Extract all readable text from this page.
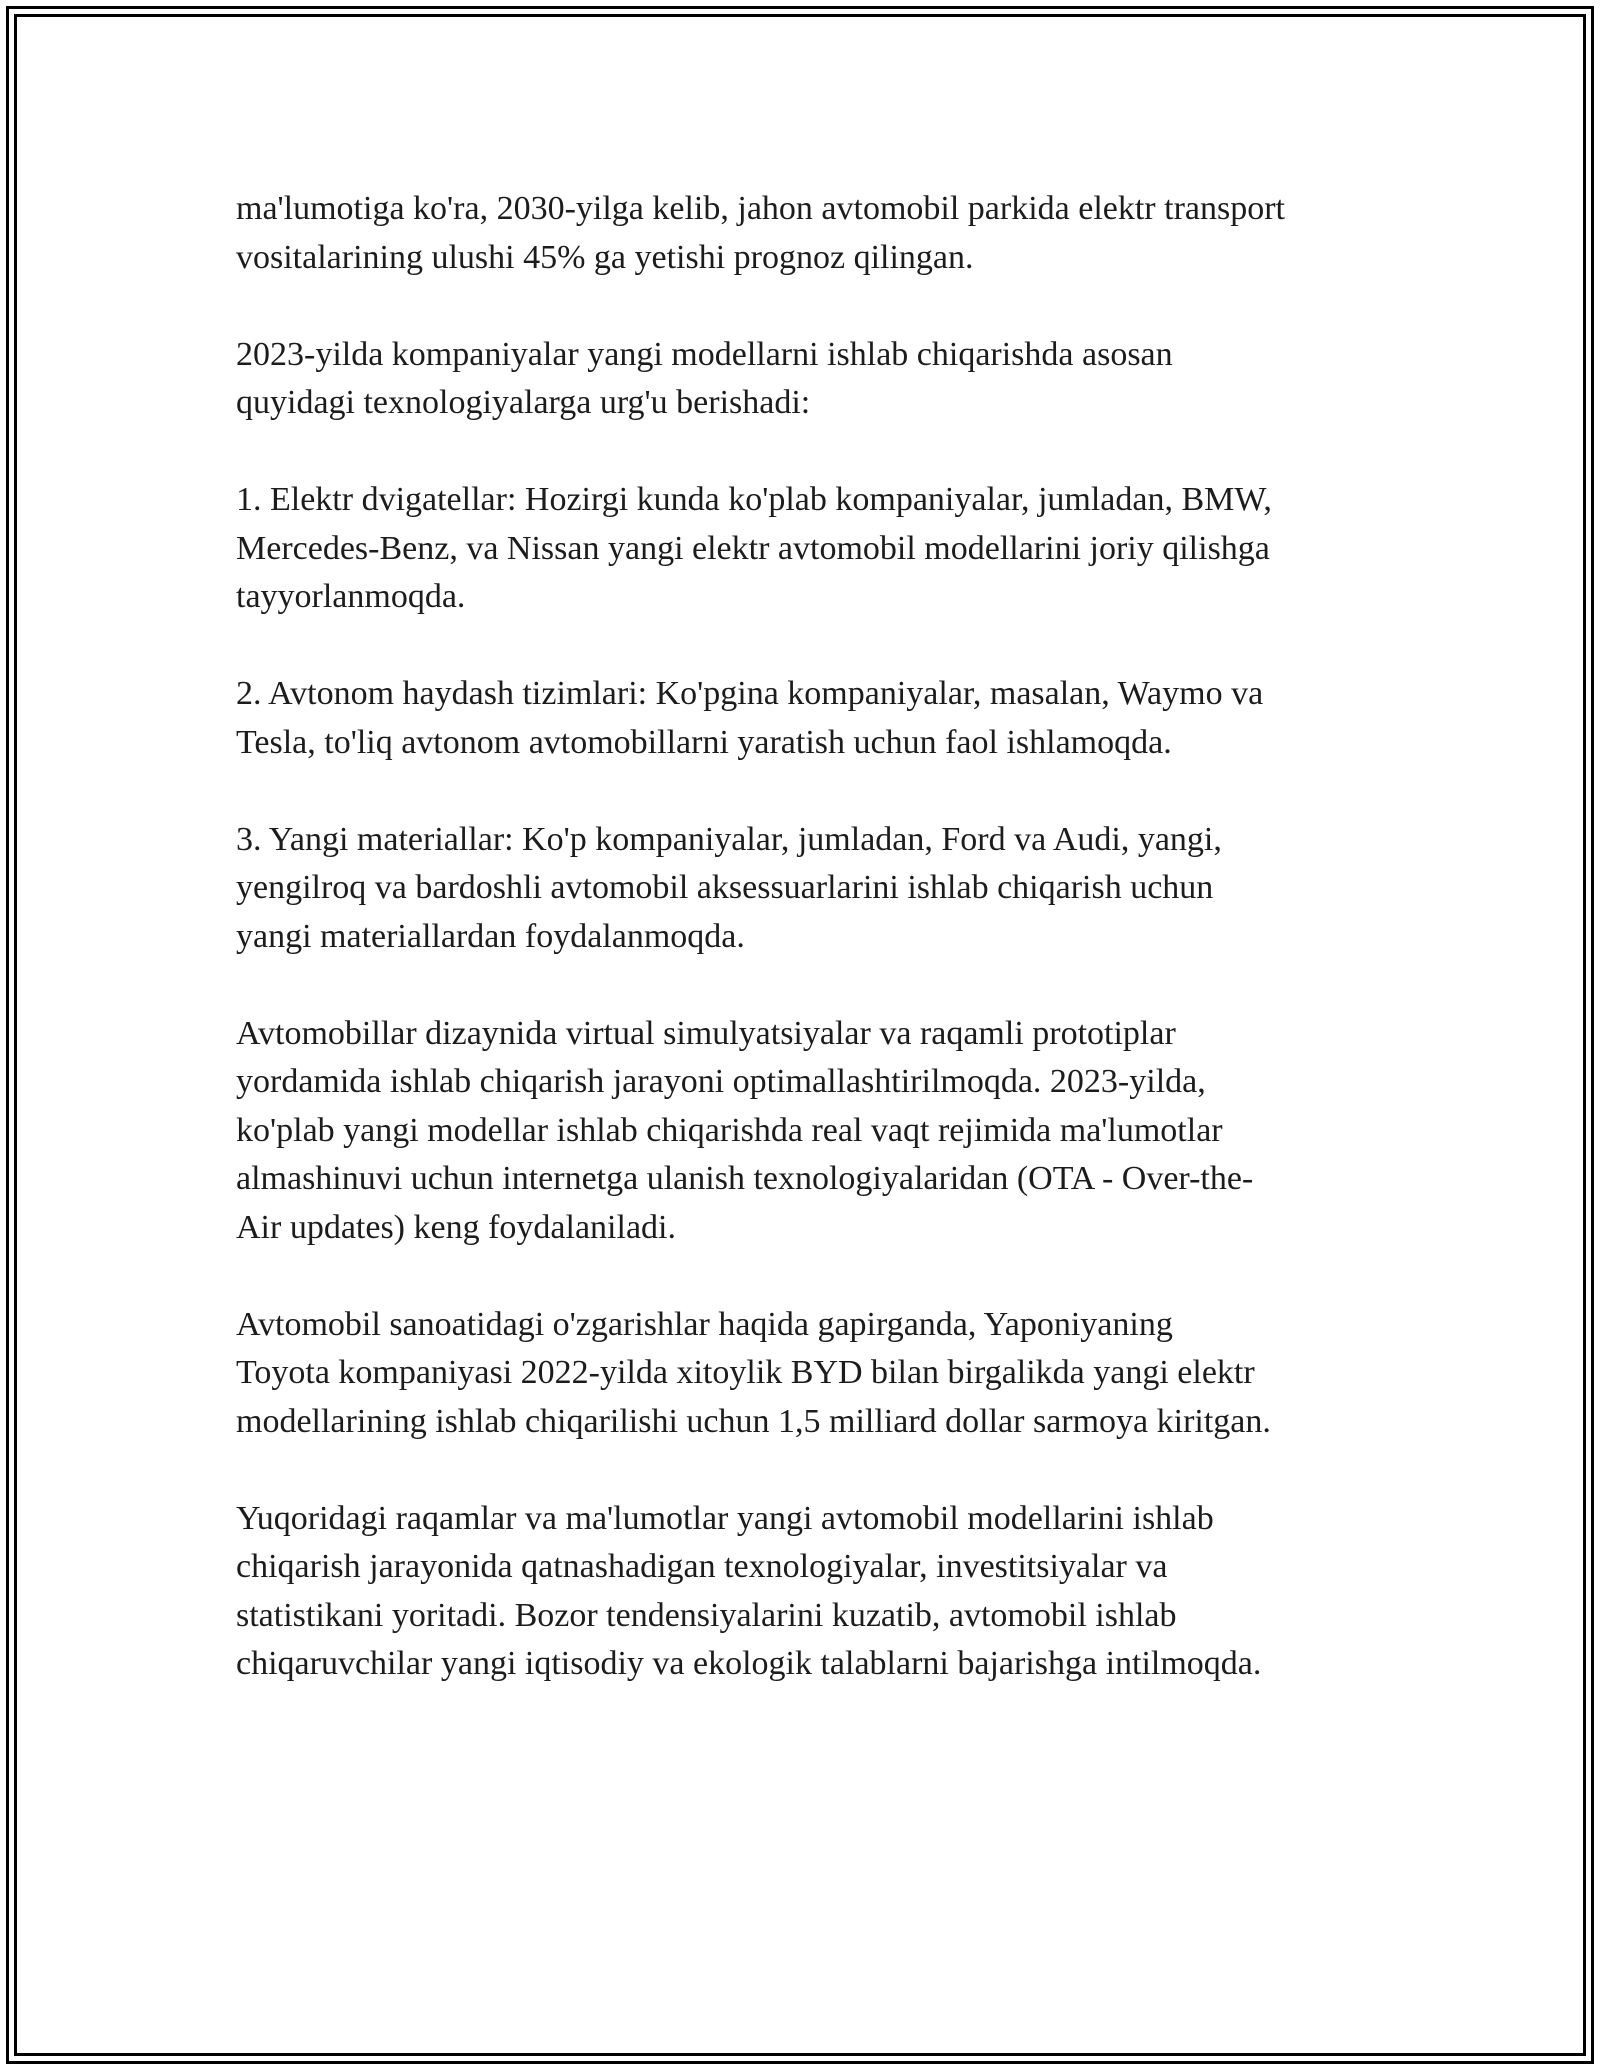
ma'lumotiga ko'ra, 2030-yilga kelib, jahon avtomobil parkida elektr transport
vositalarining ulushi 45% ga yetishi prognoz qilingan.

2023-yilda kompaniyalar yangi modellarni ishlab chiqarishda asosan
quyidagi texnologiyalarga urg'u berishadi:

1. Elektr dvigatellar: Hozirgi kunda ko'plab kompaniyalar, jumladan, BMW,
Mercedes-Benz, va Nissan yangi elektr avtomobil modellarini joriy qilishga
tayyorlanmoqda.

2. Avtonom haydash tizimlari: Ko'pgina kompaniyalar, masalan, Waymo va
Tesla, to'liq avtonom avtomobillarni yaratish uchun faol ishlamoqda.

3. Yangi materiallar: Ko'p kompaniyalar, jumladan, Ford va Audi, yangi,
yengilroq va bardoshli avtomobil aksessuarlarini ishlab chiqarish uchun
yangi materiallardan foydalanmoqda.

Avtomobillar dizaynida virtual simulyatsiyalar va raqamli prototiplar
yordamida ishlab chiqarish jarayoni optimallashtirilmoqda. 2023-yilda,
ko'plab yangi modellar ishlab chiqarishda real vaqt rejimida ma'lumotlar
almashinuvi uchun internetga ulanish texnologiyalaridan (OTA - Over-the-
Air updates) keng foydalaniladi.

Avtomobil sanoatidagi o'zgarishlar haqida gapirganda, Yaponiyaning
Toyota kompaniyasi 2022-yilda xitoylik BYD bilan birgalikda yangi elektr
modellarining ishlab chiqarilishi uchun 1,5 milliard dollar sarmoya kiritgan.

Yuqoridagi raqamlar va ma'lumotlar yangi avtomobil modellarini ishlab
chiqarish jarayonida qatnashadigan texnologiyalar, investitsiyalar va
statistikani yoritadi. Bozor tendensiyalarini kuzatib, avtomobil ishlab
chiqaruvchilar yangi iqtisodiy va ekologik talablarni bajarishga intilmoqda.
